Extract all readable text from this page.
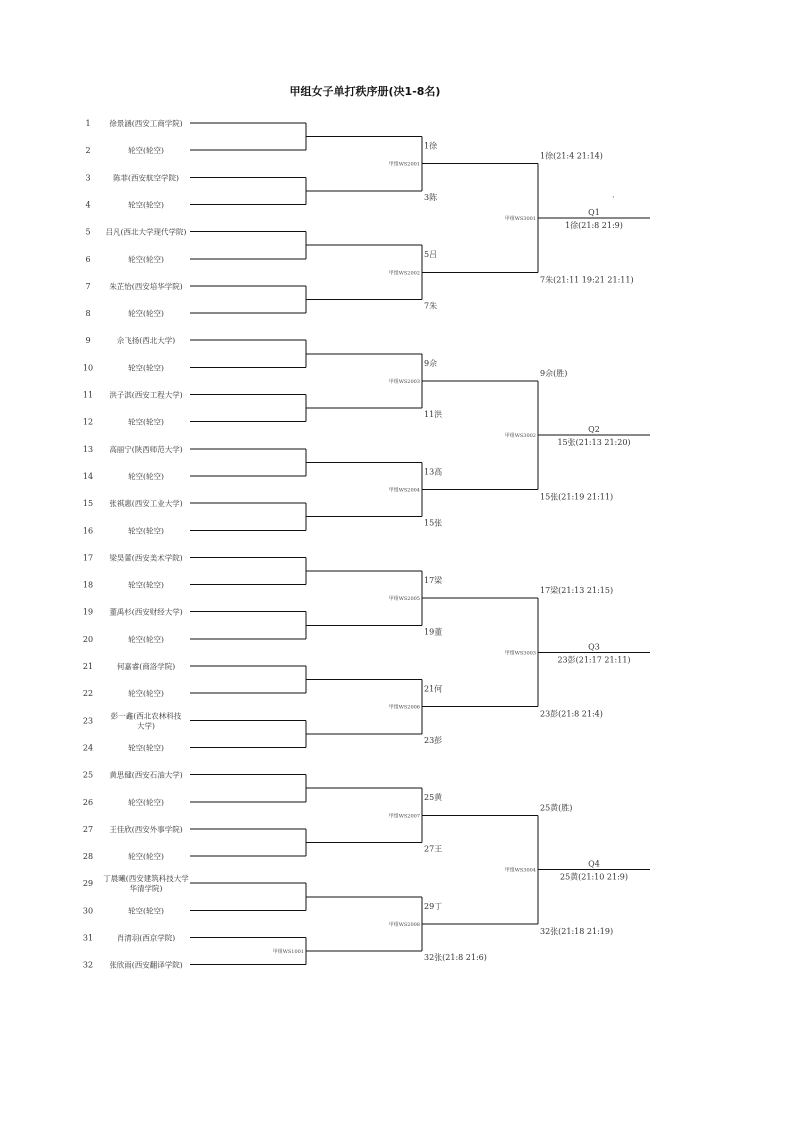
甲组女子单打秩序册(决1-8名)
·
1	徐景涵(西安工商学院)
2	轮空(轮空)
3	陈菲(西安航空学院)
4	轮空(轮空)
5 吕凡(西北大学现代学院)
6	轮空(轮空)
7	朱芷怡(西安培华学院)
8	轮空(轮空)
9	佘飞扬(西北大学)
10	轮空(轮空)
11 洪子淇(西安工程大学)
12	轮空(轮空)
13 高丽宁(陕西师范大学)
14	轮空(轮空)
15 张祺惠(西安工业大学)
16	轮空(轮空)
17 梁昊蕾(西安美术学院)
18	轮空(轮空)
19 董禹杉(西安财经大学)
20	轮空(轮空)
21	何嘉睿(商洛学院)
22	轮空(轮空)
23
彭一鑫(西北农林科技
大学)
24	轮空(轮空)
25 黄思健(西安石油大学)
26	轮空(轮空)
27 王佳欣(西安外事学院)
28	轮空(轮空)
29
丁晨曦(西安建筑科技大学
华清学院)
30	轮空(轮空)
31	肖清羽(西京学院)
32 张欣雨(西安翻译学院)
甲组WS2001
甲组WS2002
甲组WS2003
甲组WS2004
甲组WS2005
甲组WS2006
甲组WS2007
甲组WS2008
甲组WS3001
甲组WS3002
甲组WS3003
甲组WS3004
甲组WS1001
1徐
3陈
5吕
7朱
9佘
11洪
13高
15张
17梁
19董
21何
23彭
25黄
27王
29丁
32张(21:8 21:6)
1徐(21:4 21:14)
7朱(21:11 19:21 21:11)
9佘(胜)
15张(21:19 21:11)
17梁(21:13 21:15)
23彭(21:8 21:4)
25黄(胜)
32张(21:18 21:19)
Q1
1徐(21:8 21:9)
Q2
15张(21:13 21:20)
Q3
23彭(21:17 21:11)
Q4
25黄(21:10 21:9)
